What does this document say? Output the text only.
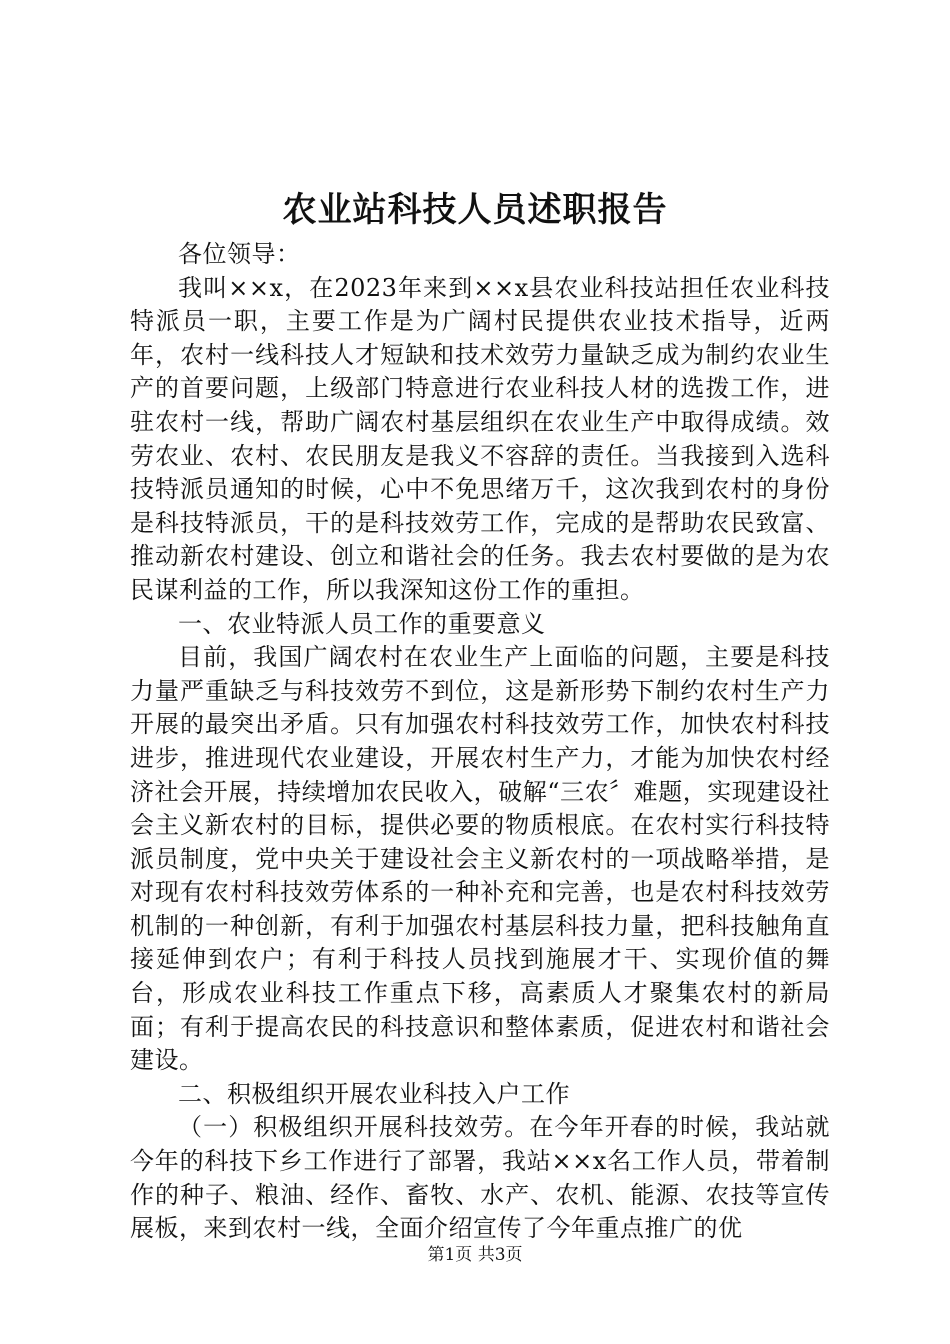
农业站科技人员述职报告

各位领导：

我叫××x，在2023年来到××x县农业科技站担任农业科技特派员一职，主要工作是为广阔村民提供农业技术指导，近两年，农村一线科技人才短缺和技术效劳力量缺乏成为制约农业生产的首要问题，上级部门特意进行农业科技人材的选拨工作，进驻农村一线，帮助广阔农村基层组织在农业生产中取得成绩。效劳农业、农村、农民朋友是我义不容辞的责任。当我接到入选科技特派员通知的时候，心中不免思绪万千，这次我到农村的身份是科技特派员，干的是科技效劳工作，完成的是帮助农民致富、推动新农村建设、创立和谐社会的任务。我去农村要做的是为农民谋利益的工作，所以我深知这份工作的重担。

一、农业特派人员工作的重要意义

目前，我国广阔农村在农业生产上面临的问题，主要是科技力量严重缺乏与科技效劳不到位，这是新形势下制约农村生产力开展的最突出矛盾。只有加强农村科技效劳工作，加快农村科技进步，推进现代农业建设，开展农村生产力，才能为加快农村经济社会开展，持续增加农民收入，破解“三农〞难题，实现建设社会主义新农村的目标，提供必要的物质根底。在农村实行科技特派员制度，党中央关于建设社会主义新农村的一项战略举措，是对现有农村科技效劳体系的一种补充和完善，也是农村科技效劳机制的一种创新，有利于加强农村基层科技力量，把科技触角直接延伸到农户；有利于科技人员找到施展才干、实现价值的舞台，形成农业科技工作重点下移，高素质人才聚集农村的新局面；有利于提高农民的科技意识和整体素质，促进农村和谐社会建设。

二、积极组织开展农业科技入户工作

（一）积极组织开展科技效劳。在今年开春的时候，我站就今年的科技下乡工作进行了部署，我站××x名工作人员，带着制作的种子、粮油、经作、畜牧、水产、农机、能源、农技等宣传展板，来到农村一线，全面介绍宣传了今年重点推广的优

第1页 共3页
